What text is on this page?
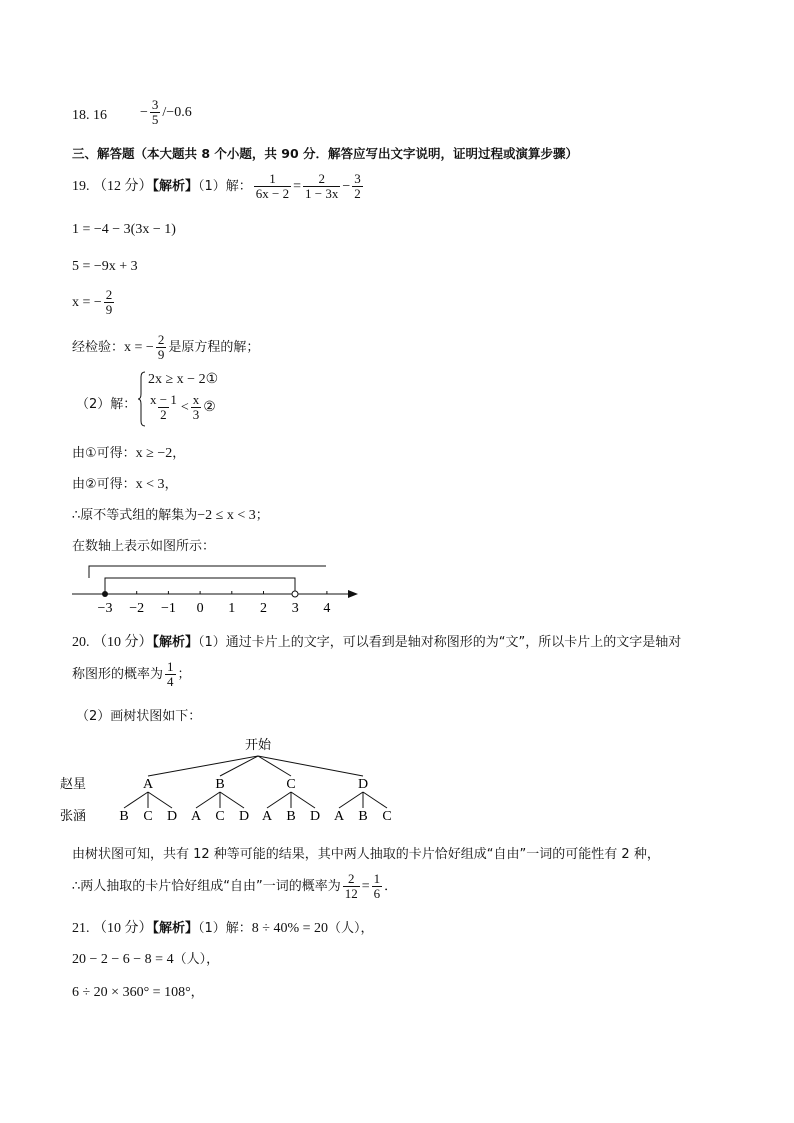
18. $16 - \frac{3}{5} /-0.6$
三、解答题（本大题共 8 个小题，共 90 分．解答应写出文字说明，证明过程或演算步骤）
19. （12 分）【解析】（1）解： $\frac{1}{6x - 2} = \frac{2}{1 - 3x} - \frac{3}{2}$
1 = −4 − 3(3x − 1)
5 = −9x + 3
x = − $\frac{2}{9}$
经检验：x = − $\frac{2}{9}$ 是原方程的解；
（2）解：
2x ≥ x − 2①
$\frac{x - 1}{2} < \frac{x}{3}$ ②
由①可得：x ≥ −2，
由②可得：x < 3，
∴原不等式组的解集为−2 ≤ x < 3；
在数轴上表示如图所示：
−3 −2 −1 0 1 2 3 4
20. （10 分）【解析】（1）通过卡片上的文字，可以看到是轴对称图形的为“文”，所以卡片上的文字是轴对
称图形的概率为 $\frac{1}{4}$ ；
（2）画树状图如下：
开始
赵星
张涵
A
B C D
B
A C D
C
A B D
D
A B C
由树状图可知，共有 12 种等可能的结果，其中两人抽取的卡片恰好组成“自由”一词的可能性有 2 种，
∴两人抽取的卡片恰好组成“自由”一词的概率为 $\frac{2}{12} = \frac{1}{6}$ ．
21. （10 分）【解析】（1）解：8 ÷ 40% = 20（人），
20 − 2 − 6 − 8 = 4（人），
6 ÷ 20 × 360° = 108°，
